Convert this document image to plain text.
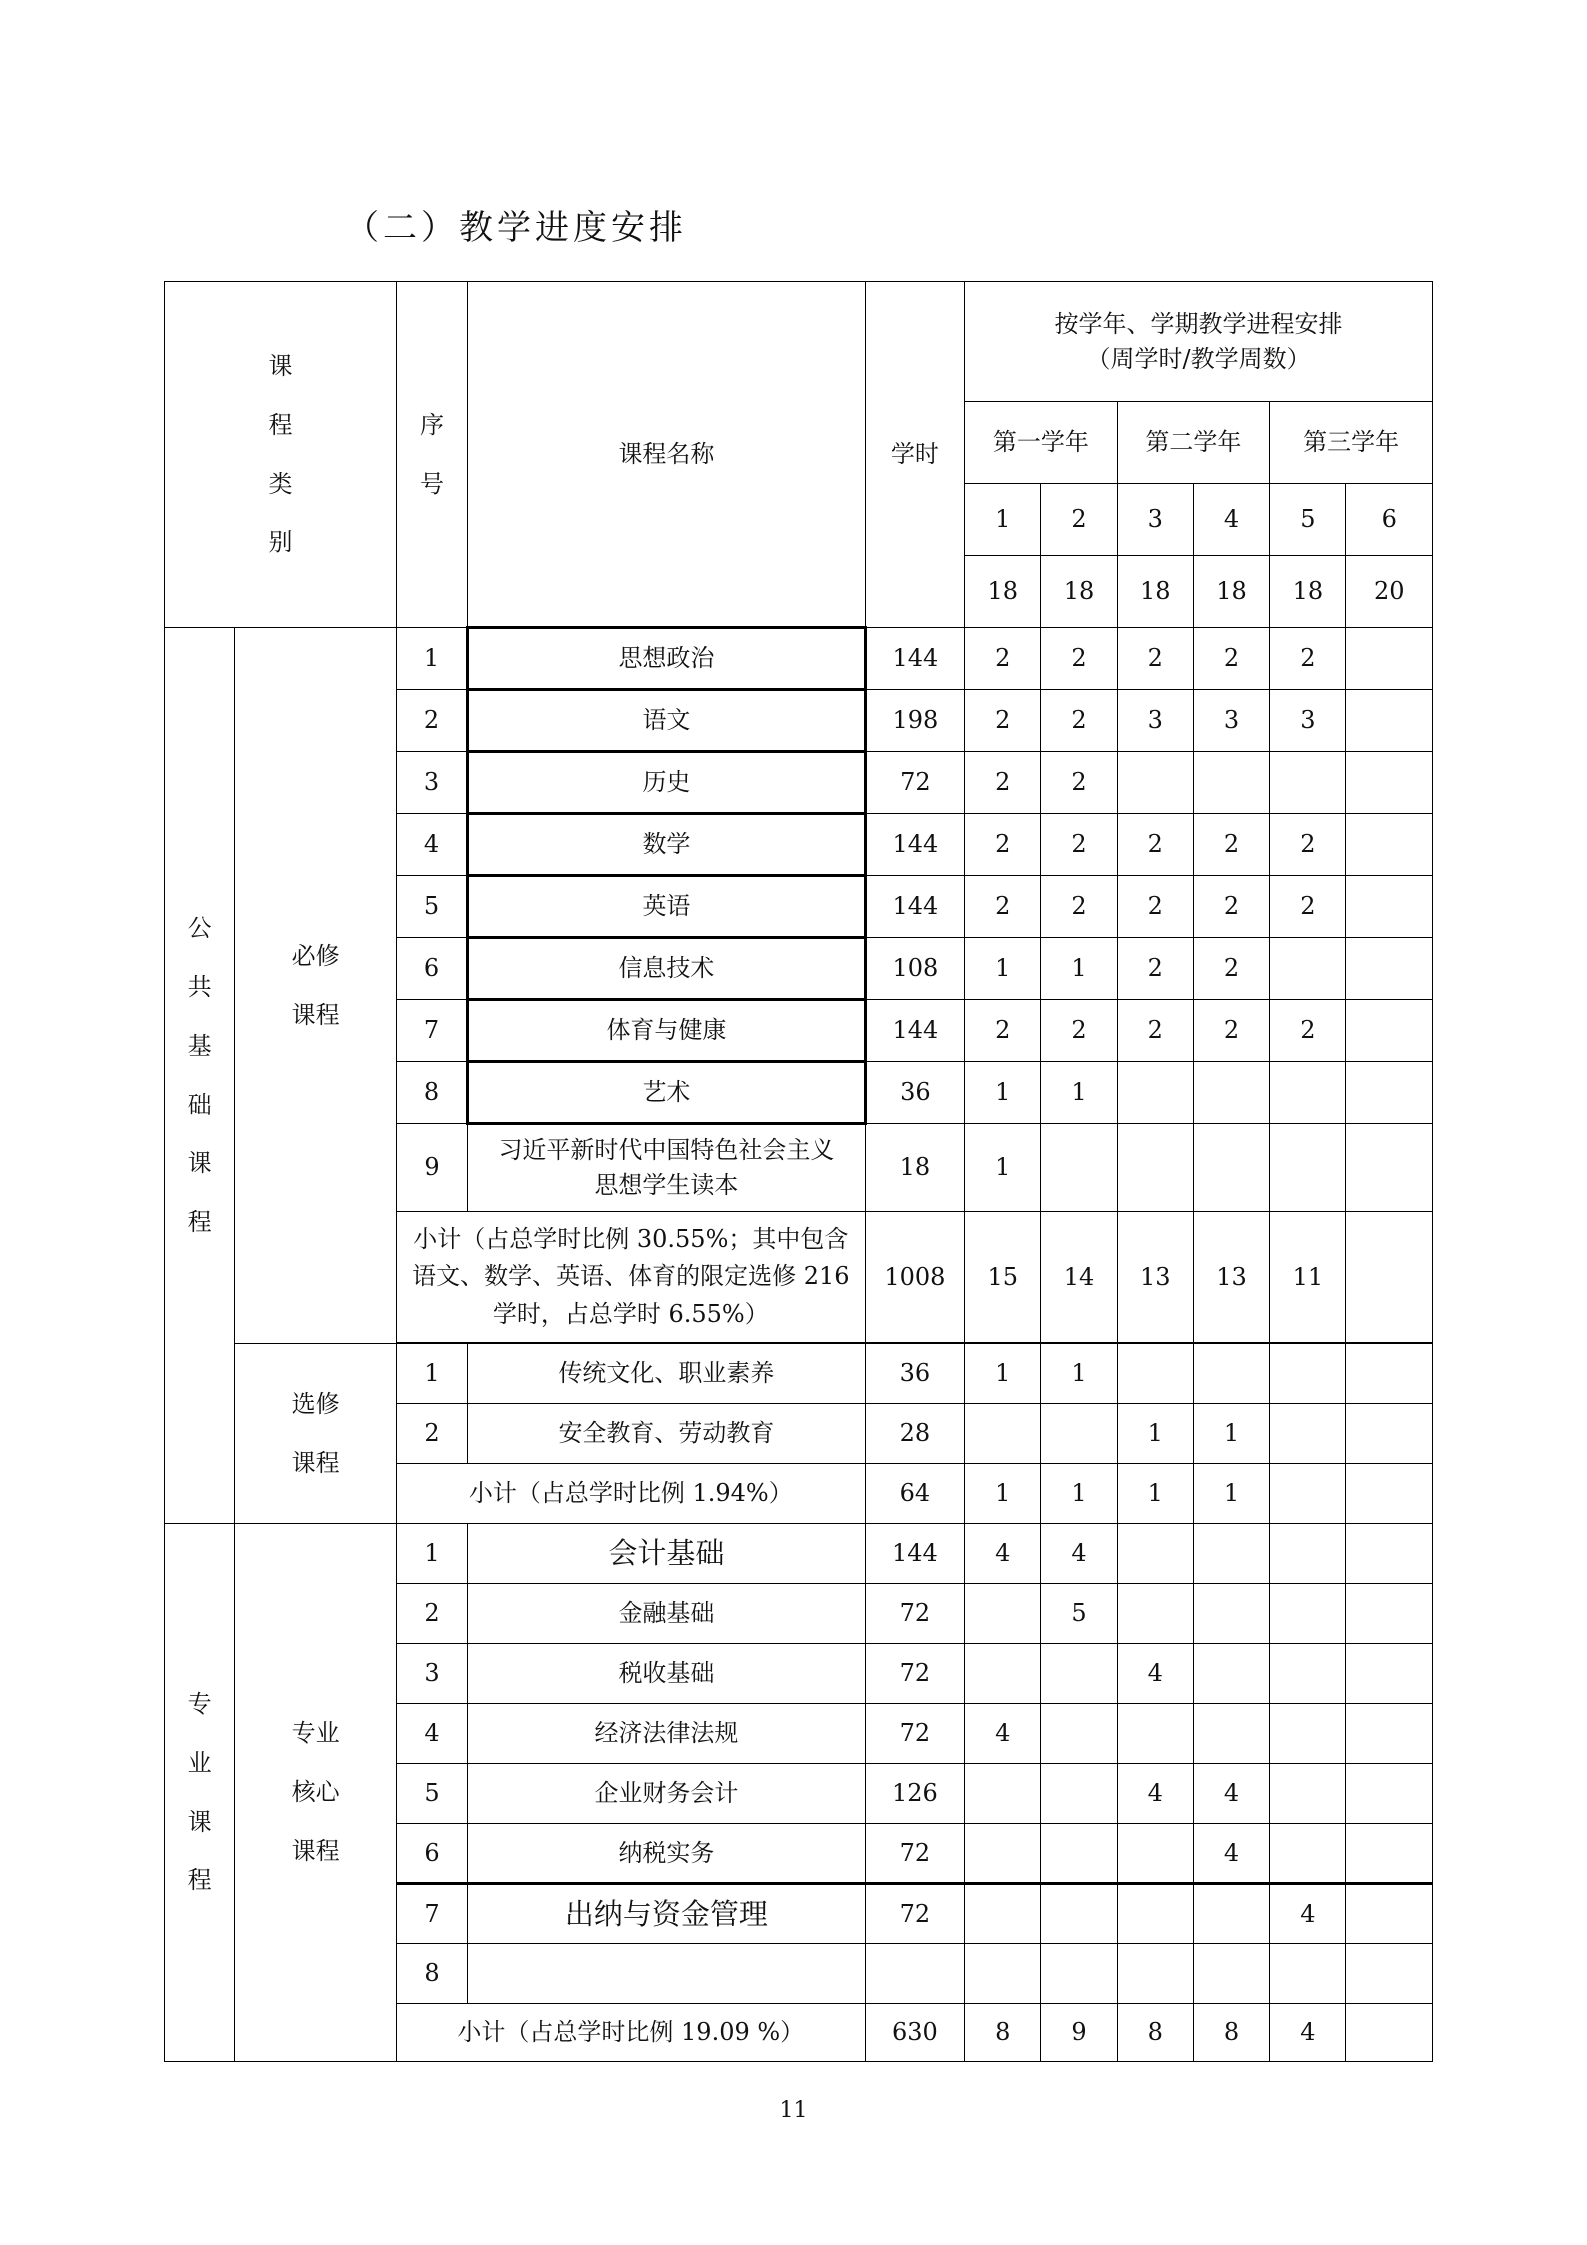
（二）教学进度安排
课程类别		序号	课程名称	学时	按学年、学期教学进程安排
（周学时/教学周数）					

					第一学年		第二学年		第三学年	
					1	2	3	4	5	6
					18	18	18	18	18	20
公共基础课程	必修课程	1	思想政治	144	2	2	2	2	2	
		2	语文	198	2	2	3	3	3	
		3	历史	72	2	2				
		4	数学	144	2	2	2	2	2	
		5	英语	144	2	2	2	2	2	
		6	信息技术	108	1	1	2	2		
		7	体育与健康	144	2	2	2	2	2	
		8	艺术	36	1	1				
		9	习近平新时代中国特色社会主义思想学生读本	18	1					
		小计（占总学时比例 30.55%；其中包含语文、数学、英语、体育的限定选修 216 学时，占总学时 6.55%）		1008	15	14	13	13	11	

	选修课程	1	传统文化、职业素养	36	1	1				
		2	安全教育、劳动教育	28			1	1		
		小计（占总学时比例 1.94%）		64	1	1	1	1		
专业课程	专业核心课程	1	会计基础	144	4	4				
		2	金融基础	72		5				
		3	税收基础	72			4			
		4	经济法律法规	72	4					
		5	企业财务会计	126			4	4		
		6	纳税实务	72				4		
		7	出纳与资金管理	72					4	
		8								
		小计（占总学时比例 19.09 %）		630	8	9	8	8	4	
11
